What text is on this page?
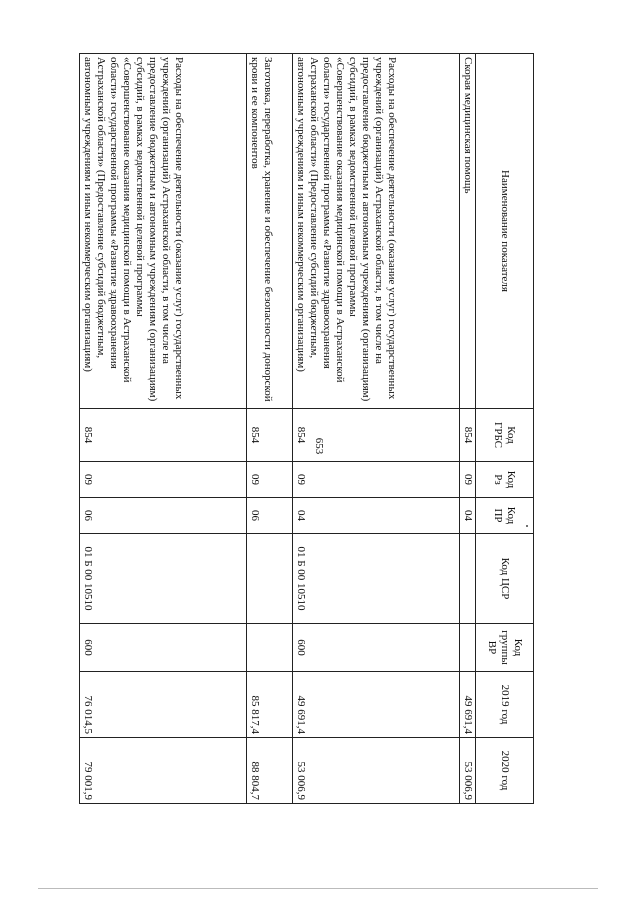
653
Наименование показателя	Код ГРБС	Код Рз	Код ПР	Код ЦСР	Код группы ВР	2019 год	2020 год
Скорая медицинская помощь	854	09	04			49 691,4	53 006,9
Расходы на обеспечение деятельности (оказание услуг) государственных учреждений (организаций) Астраханской области, в том числе на предоставление бюджетным и автономным учреждениям (организациям) субсидий, в рамках ведомственной целевой программы «Совершенствование оказания медицинской помощи в Астраханской области» государственной программы «Развитие здравоохранения Астраханской области» (Предоставление субсидий бюджетным, автономным учреждениям и иным некоммерческим организациям)	854	09	04	01 Б 00 10510	600	49 691,4	53 006,9
Заготовка, переработка, хранение и обеспечение безопасности донорской крови и ее компонентов	854	09	06			85 817,4	88 804,7
Расходы на обеспечение деятельности (оказание услуг) государственных учреждений (организаций) Астраханской области, в том числе на предоставление бюджетным и автономным учреждениям (организациям) субсидий, в рамках ведомственной целевой программы «Совершенствование оказания медицинской помощи в Астраханской области» государственной программы «Развитие здравоохранения Астраханской области» (Предоставление субсидий бюджетным, автономным учреждениям и иным некоммерческим организациям)	854	09	06	01 Б 00 10510	600	76 014,5	79 001,9
